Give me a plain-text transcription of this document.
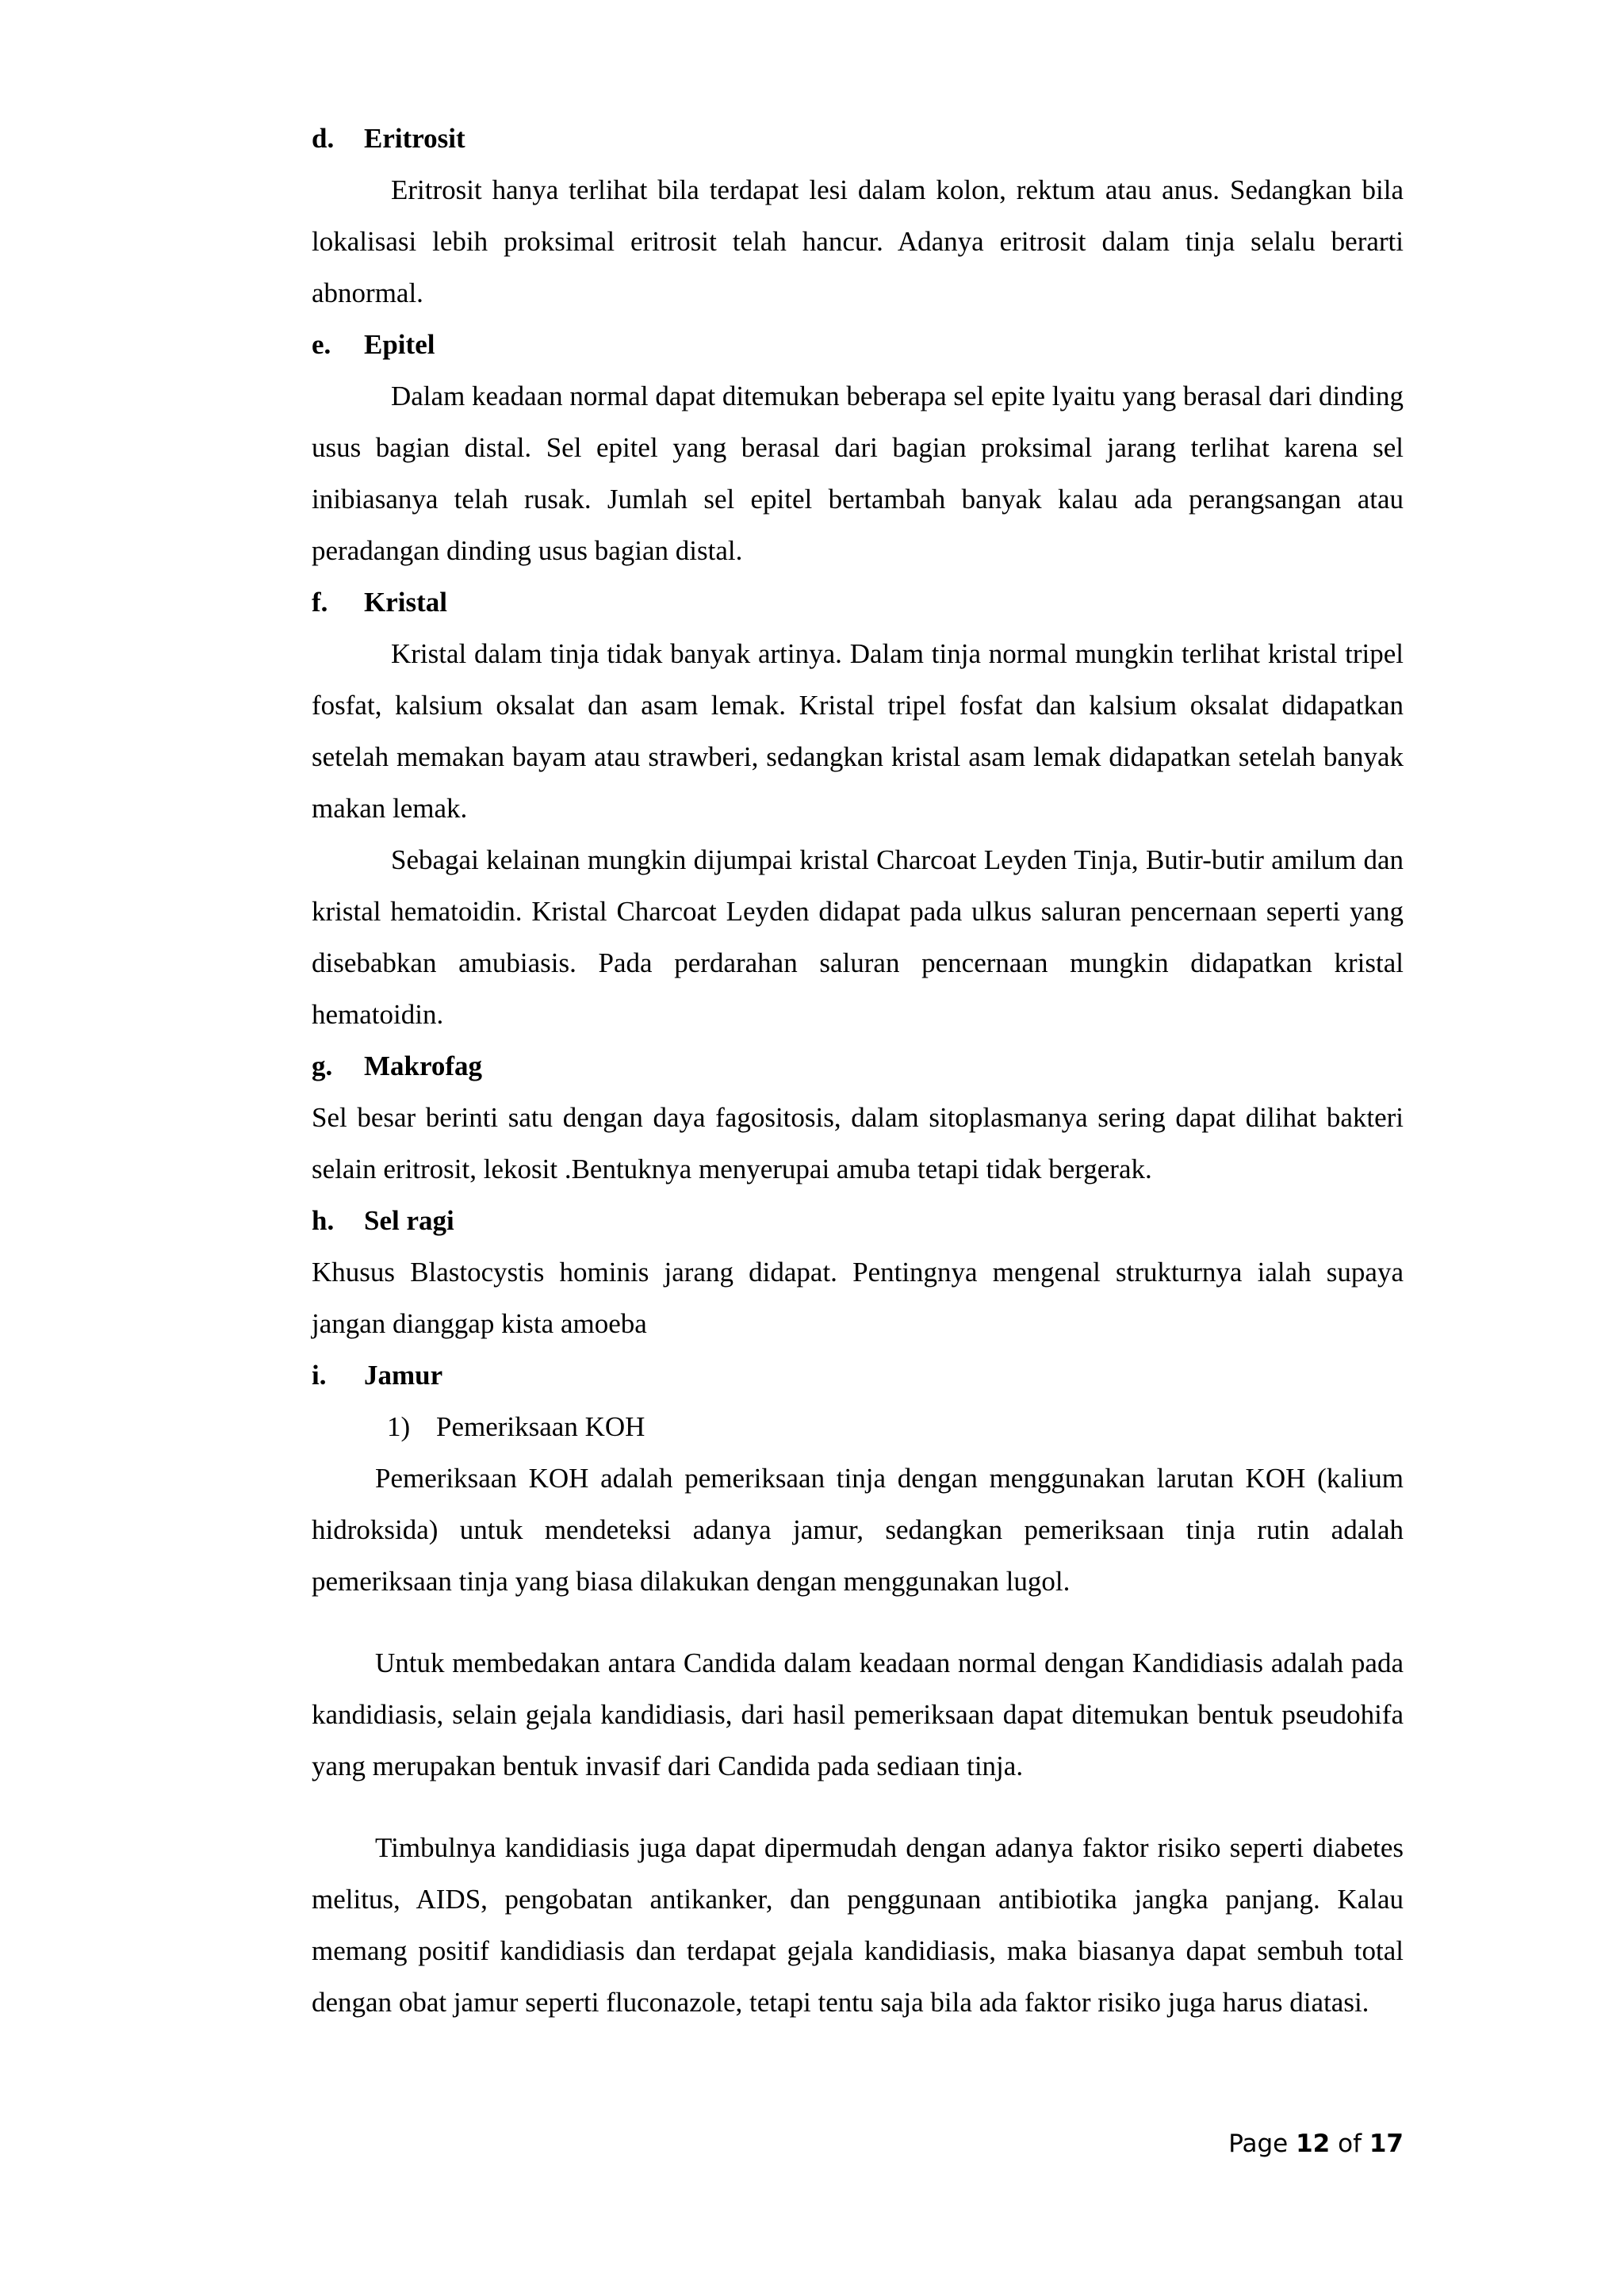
d.	Eritrosit

Eritrosit hanya terlihat bila terdapat lesi dalam kolon, rektum atau anus. Sedangkan bila lokalisasi lebih proksimal eritrosit telah hancur. Adanya eritrosit dalam tinja selalu berarti abnormal.

e.	Epitel

Dalam keadaan normal dapat ditemukan beberapa sel epite lyaitu yang berasal dari dinding usus bagian distal. Sel epitel yang berasal dari bagian proksimal jarang terlihat karena sel inibiasanya telah rusak. Jumlah sel epitel bertambah banyak kalau ada perangsangan atau peradangan dinding usus bagian distal.

f.	Kristal

Kristal dalam tinja tidak banyak artinya. Dalam tinja normal mungkin terlihat kristal tripel fosfat, kalsium oksalat dan asam lemak. Kristal tripel fosfat dan kalsium oksalat didapatkan setelah memakan bayam atau strawberi, sedangkan kristal asam lemak didapatkan setelah banyak makan lemak.

Sebagai kelainan mungkin dijumpai kristal Charcoat Leyden Tinja, Butir-butir amilum dan kristal hematoidin. Kristal Charcoat Leyden didapat pada ulkus saluran pencernaan seperti yang disebabkan amubiasis. Pada perdarahan saluran pencernaan mungkin didapatkan kristal hematoidin.

g.	Makrofag

Sel besar berinti satu dengan daya fagositosis, dalam sitoplasmanya sering dapat dilihat bakteri selain eritrosit, lekosit .Bentuknya menyerupai amuba tetapi tidak bergerak.

h.	Sel ragi

Khusus Blastocystis hominis jarang didapat. Pentingnya mengenal strukturnya ialah supaya jangan dianggap kista amoeba

i.	Jamur
1) Pemeriksaan KOH

Pemeriksaan KOH adalah pemeriksaan tinja dengan menggunakan larutan KOH (kalium hidroksida) untuk mendeteksi adanya jamur, sedangkan pemeriksaan tinja rutin adalah pemeriksaan tinja yang biasa dilakukan dengan menggunakan lugol.

Untuk membedakan antara Candida dalam keadaan normal dengan Kandidiasis adalah pada kandidiasis, selain gejala kandidiasis, dari hasil pemeriksaan dapat ditemukan bentuk pseudohifa yang merupakan bentuk invasif dari Candida pada sediaan tinja.

Timbulnya kandidiasis juga dapat dipermudah dengan adanya faktor risiko seperti diabetes melitus, AIDS, pengobatan antikanker, dan penggunaan antibiotika jangka panjang. Kalau memang positif kandidiasis dan terdapat gejala kandidiasis, maka biasanya dapat sembuh total dengan obat jamur seperti fluconazole, tetapi tentu saja bila ada faktor risiko juga harus diatasi.

Page 12 of 17
